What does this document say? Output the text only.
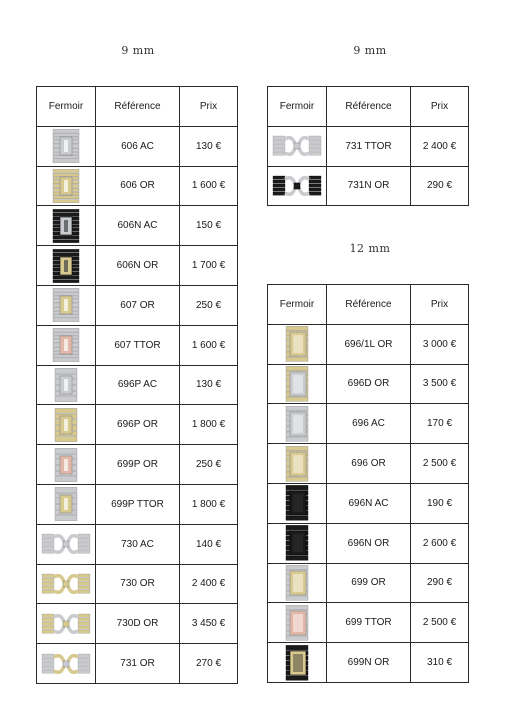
9 mm	9 mm
12 mm
Fermoir	Référence	Prix

	606 AC	130 €

	606 OR	1 600 €

	606N AC	150 €

	606N OR	1 700 €

	607 OR	250 €

	607 TTOR	1 600 €

	696P AC	130 €

	696P OR	1 800 €

	699P OR	250 €

	699P TTOR	1 800 €

	730 AC	140 €

	730 OR	2 400 €

	730D OR	3 450 €

	731 OR	270 €
Fermoir	Référence	Prix

	731 TTOR	2 400 €

	731N OR	290 €
Fermoir	Référence	Prix

	696/1L OR	3 000 €

	696D OR	3 500 €

	696 AC	170 €

	696 OR	2 500 €

	696N AC	190 €

	696N OR	2 600 €

	699 OR	290 €

	699 TTOR	2 500 €

	699N OR	310 €
